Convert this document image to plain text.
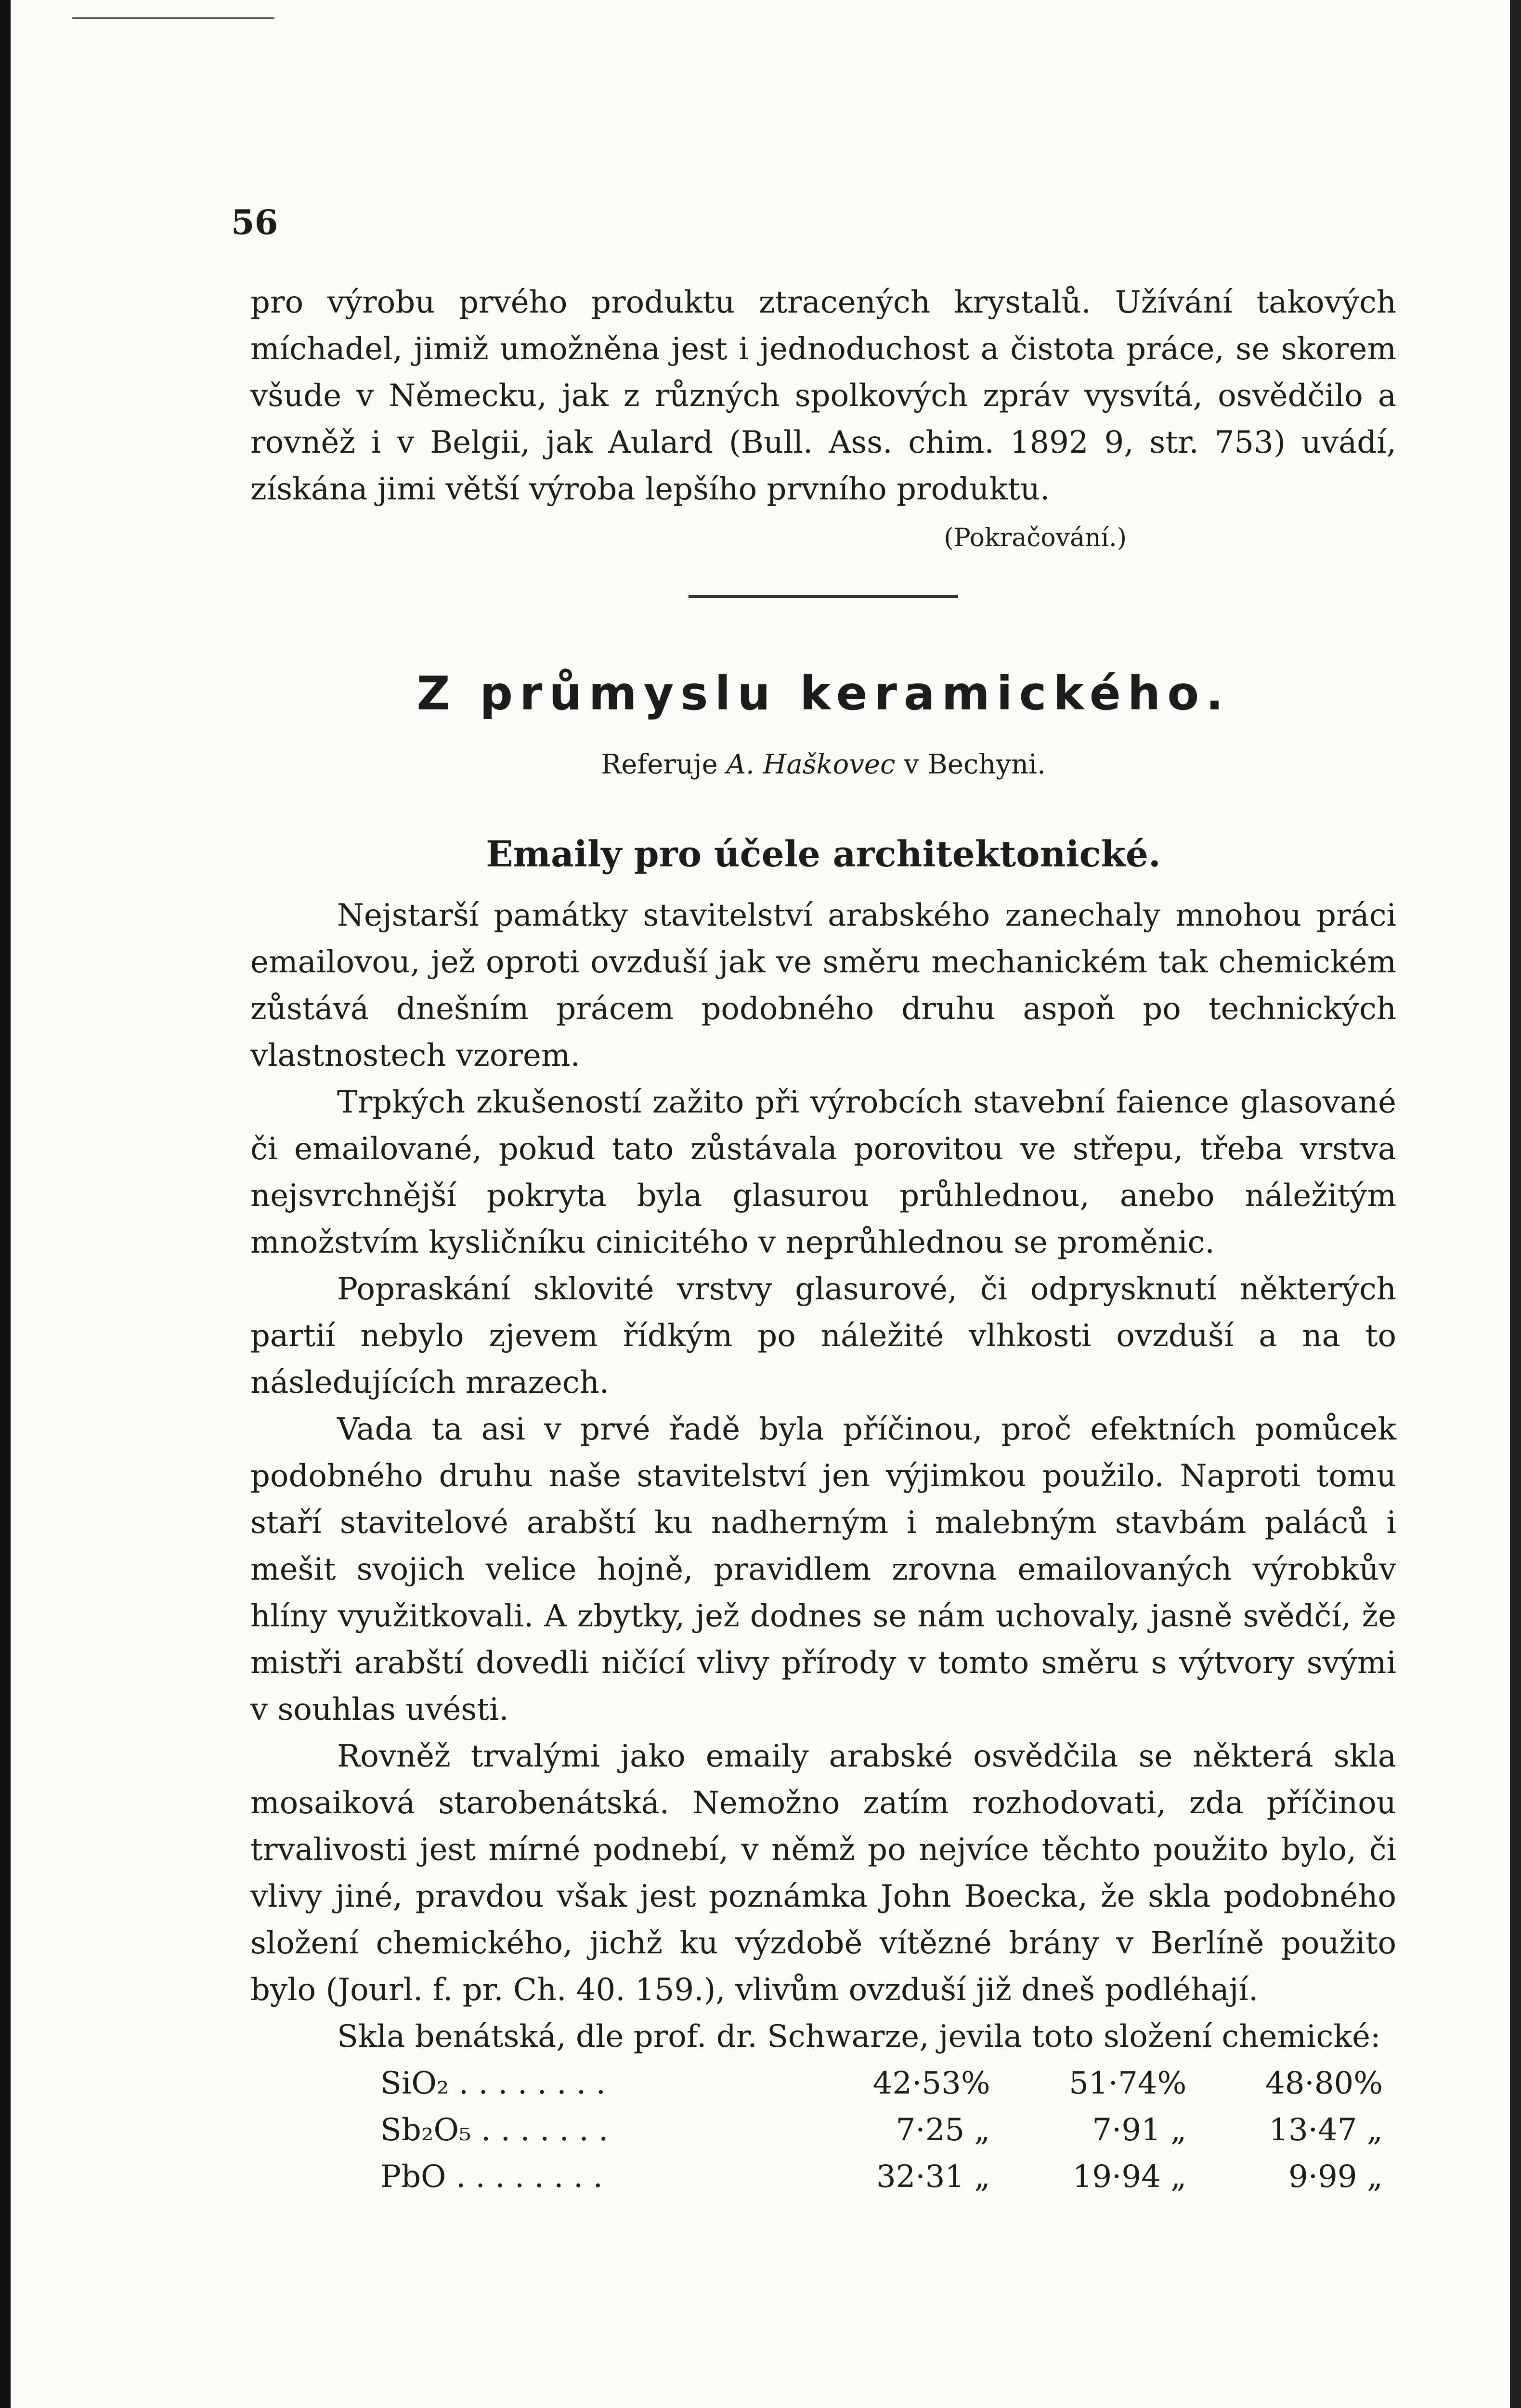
56

pro výrobu prvého produktu ztracených krystalů. Užívání takových míchadel, jimiž umožněna jest i jednoduchost a čistota práce, se skorem všude v Německu, jak z různých spolkových zpráv vysvítá, osvědčilo a rovněž i v Belgii, jak Aulard (Bull. Ass. chim. 1892 9, str. 753) uvádí, získána jimi větší výroba lepšího prvního produktu.

(Pokračování.)
Z průmyslu keramického.
Referuje A. Haškovec v Bechyni.
Emaily pro účele architektonické.

Nejstarší památky stavitelství arabského zanechaly mnohou práci emailovou, jež oproti ovzduší jak ve směru mechanickém tak chemickém zůstává dnešním prácem podobného druhu aspoň po technických vlastnostech vzorem.

Trpkých zkušeností zažito při výrobcích stavební faience glasované či emailované, pokud tato zůstávala porovitou ve střepu, třeba vrstva nejsvrchnější pokryta byla glasurou průhlednou, anebo náležitým množstvím kysličníku cinicitého v neprůhlednou se proměnic.

Popraskání sklovité vrstvy glasurové, či odprysknutí některých partií nebylo zjevem řídkým po náležité vlhkosti ovzduší a na to následujících mrazech.

Vada ta asi v prvé řadě byla příčinou, proč efektních pomůcek podobného druhu naše stavitelství jen výjimkou použilo. Naproti tomu staří stavitelové arabští ku nadherným i malebným stavbám paláců i mešit svojich velice hojně, pravidlem zrovna emailovaných výrobkův hlíny využitkovali. A zbytky, jež dodnes se nám uchovaly, jasně svědčí, že mistři arabští dovedli ničící vlivy přírody v tomto směru s výtvory svými v souhlas uvésti.

Rovněž trvalými jako emaily arabské osvědčila se některá skla mosaiková starobenátská. Nemožno zatím rozhodovati, zda příčinou trvalivosti jest mírné podnebí, v němž po nejvíce těchto použito bylo, či vlivy jiné, pravdou však jest poznámka John Boecka, že skla podobného složení chemického, jichž ku výzdobě vítězné brány v Berlíně použito bylo (Jourl. f. pr. Ch. 40. 159.), vlivům ovzduší již dneš podléhají.

Skla benátská, dle prof. dr. Schwarze, jevila toto složení chemické:

SiO₂ . . . . . . . .	42·53%	51·74%	48·80%
Sb₂O₅ . . . . . . .	7·25 „	7·91 „	13·47 „
PbO . . . . . . . .	32·31 „	19·94 „	9·99 „
